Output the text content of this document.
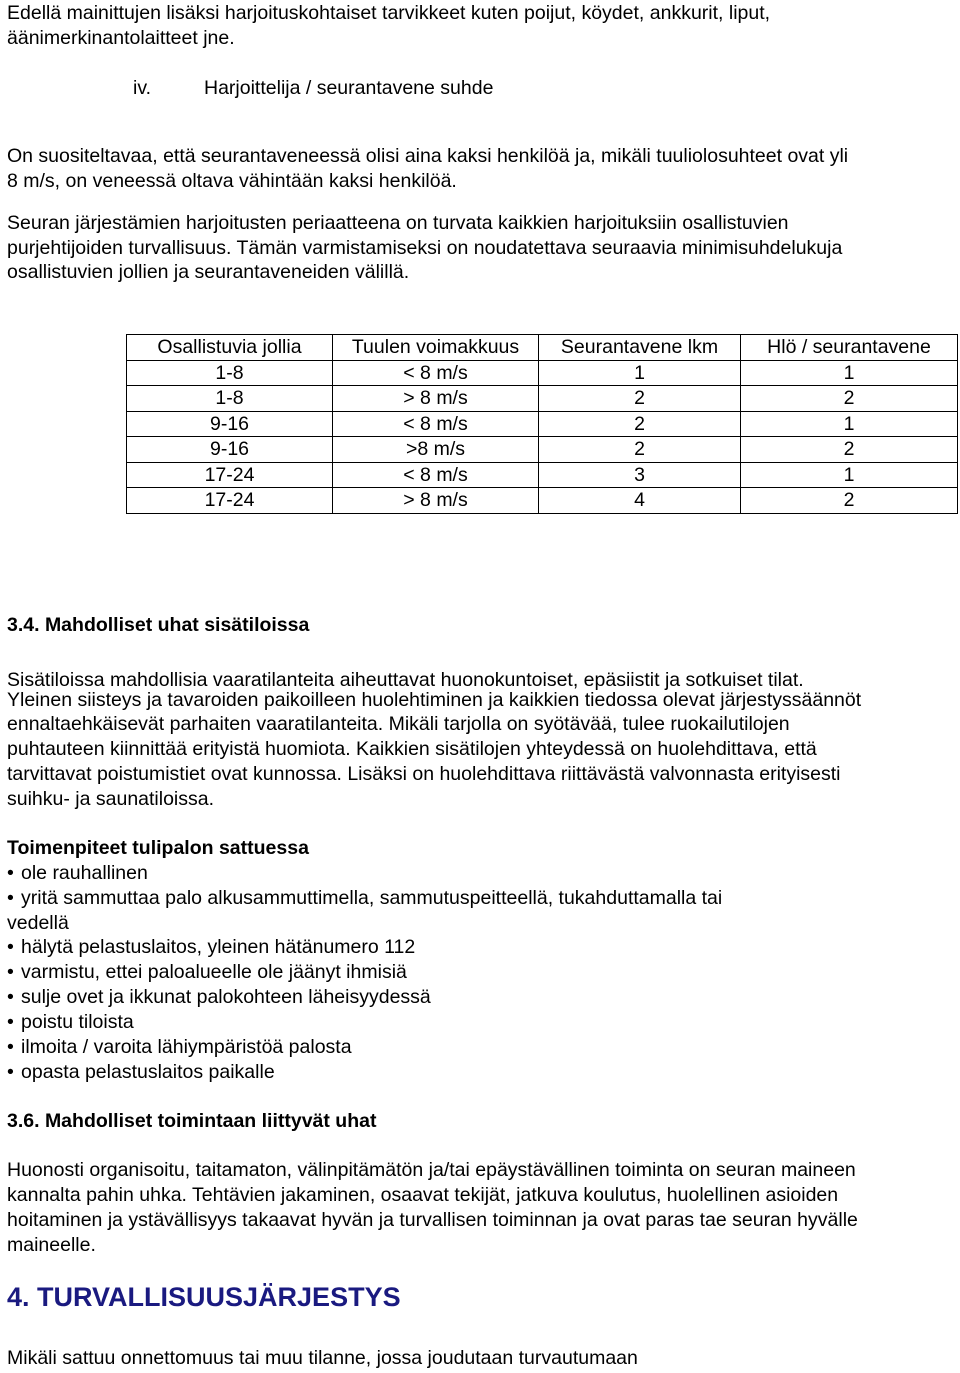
Edellä mainittujen lisäksi harjoituskohtaiset tarvikkeet kuten poijut, köydet, ankkurit, liput,
äänimerkinantolaitteet jne.
iv.	Harjoittelija / seurantavene suhde
On suositeltavaa, että seurantaveneessä olisi aina kaksi henkilöä ja, mikäli tuuliolosuhteet ovat yli
8 m/s, on veneessä oltava vähintään kaksi henkilöä.
Seuran järjestämien harjoitusten periaatteena on turvata kaikkien harjoituksiin osallistuvien
purjehtijoiden turvallisuus. Tämän varmistamiseksi on noudatettava seuraavia minimisuhdelukuja
osallistuvien jollien ja seurantaveneiden välillä.
Osallistuvia jollia	Tuulen voimakkuus	Seurantavene lkm	Hlö / seurantavene
1-8	< 8 m/s	1	1
1-8	> 8 m/s	2	2
9-16	< 8 m/s	2	1
9-16	>8 m/s	2	2
17-24	< 8 m/s	3	1
17-24	> 8 m/s	4	2
3.4. Mahdolliset uhat sisätiloissa
Sisätiloissa mahdollisia vaaratilanteita aiheuttavat huonokuntoiset, epäsiistit ja sotkuiset tilat.
Yleinen siisteys ja tavaroiden paikoilleen huolehtiminen ja kaikkien tiedossa olevat järjestyssäännöt
ennaltaehkäisevät parhaiten vaaratilanteita. Mikäli tarjolla on syötävää, tulee ruokailutilojen
puhtauteen kiinnittää erityistä huomiota. Kaikkien sisätilojen yhteydessä on huolehdittava, että
tarvittavat poistumistiet ovat kunnossa. Lisäksi on huolehdittava riittävästä valvonnasta erityisesti
suihku- ja saunatiloissa.
Toimenpiteet tulipalon sattuessa
• ole rauhallinen
• yritä sammuttaa palo alkusammuttimella, sammutuspeitteellä, tukahduttamalla tai
vedellä
• hälytä pelastuslaitos, yleinen hätänumero 112
• varmistu, ettei paloalueelle ole jäänyt ihmisiä
• sulje ovet ja ikkunat palokohteen läheisyydessä
• poistu tiloista
• ilmoita / varoita lähiympäristöä palosta
• opasta pelastuslaitos paikalle
3.6. Mahdolliset toimintaan liittyvät uhat
Huonosti organisoitu, taitamaton, välinpitämätön ja/tai epäystävällinen toiminta on seuran maineen
kannalta pahin uhka. Tehtävien jakaminen, osaavat tekijät, jatkuva koulutus, huolellinen asioiden
hoitaminen ja ystävällisyys takaavat hyvän ja turvallisen toiminnan ja ovat paras tae seuran hyvälle
maineelle.
4. TURVALLISUUSJÄRJESTYS
Mikäli sattuu onnettomuus tai muu tilanne, jossa joudutaan turvautumaan
